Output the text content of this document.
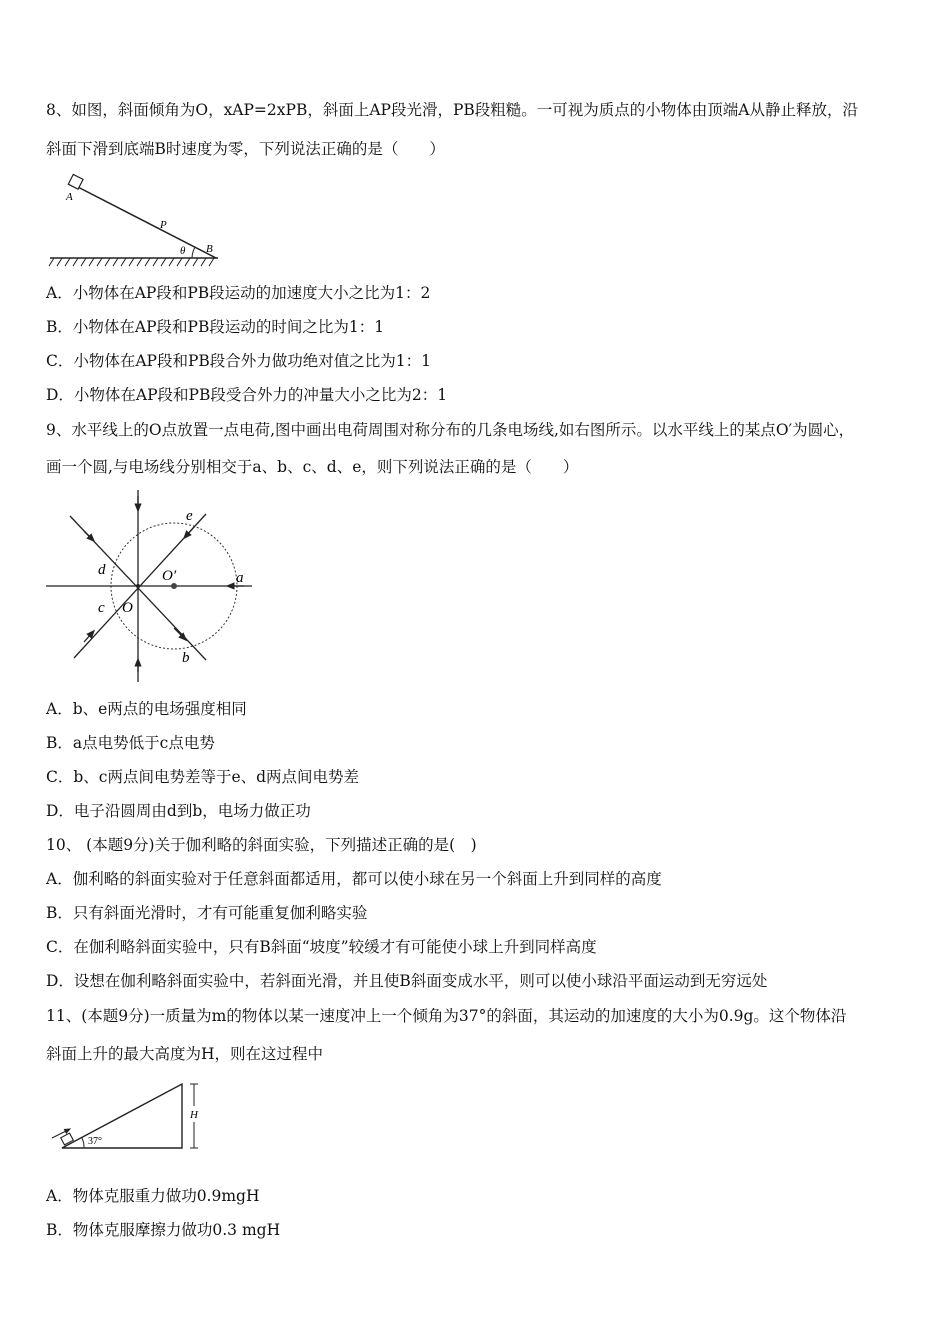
8、如图，斜面倾角为O，xAP=2xPB，斜面上AP段光滑，PB段粗糙。一可视为质点的小物体由顶端A从静止释放，沿
斜面下滑到底端B时速度为零，下列说法正确的是（　　）
A
P
θ B
A．小物体在AP段和PB段运动的加速度大小之比为1：2
B．小物体在AP段和PB段运动的时间之比为1：1
C．小物体在AP段和PB段合外力做功绝对值之比为1：1
D．小物体在AP段和PB段受合外力的冲量大小之比为2：1
9、水平线上的O点放置一点电荷,图中画出电荷周围对称分布的几条电场线,如右图所示。以水平线上的某点O′为圆心，
画一个圆,与电场线分别相交于a、b、c、d、e，则下列说法正确的是（　　）
e
d	O′	a
c O
b
A．b、e两点的电场强度相同
B．a点电势低于c点电势
C．b、c两点间电势差等于e、d两点间电势差
D．电子沿圆周由d到b，电场力做正功
10、 (本题9分)关于伽利略的斜面实验，下列描述正确的是(　)
A．伽利略的斜面实验对于任意斜面都适用，都可以使小球在另一个斜面上升到同样的高度
B．只有斜面光滑时，才有可能重复伽利略实验
C．在伽利略斜面实验中，只有B斜面“坡度”较缓才有可能使小球上升到同样高度
D．设想在伽利略斜面实验中，若斜面光滑，并且使B斜面变成水平，则可以使小球沿平面运动到无穷远处
11、(本题9分)一质量为m的物体以某一速度冲上一个倾角为37°的斜面，其运动的加速度的大小为0.9g。这个物体沿
斜面上升的最大高度为H，则在这过程中
H
37°
A．物体克服重力做功0.9mgH
B．物体克服摩擦力做功0.3 mgH
